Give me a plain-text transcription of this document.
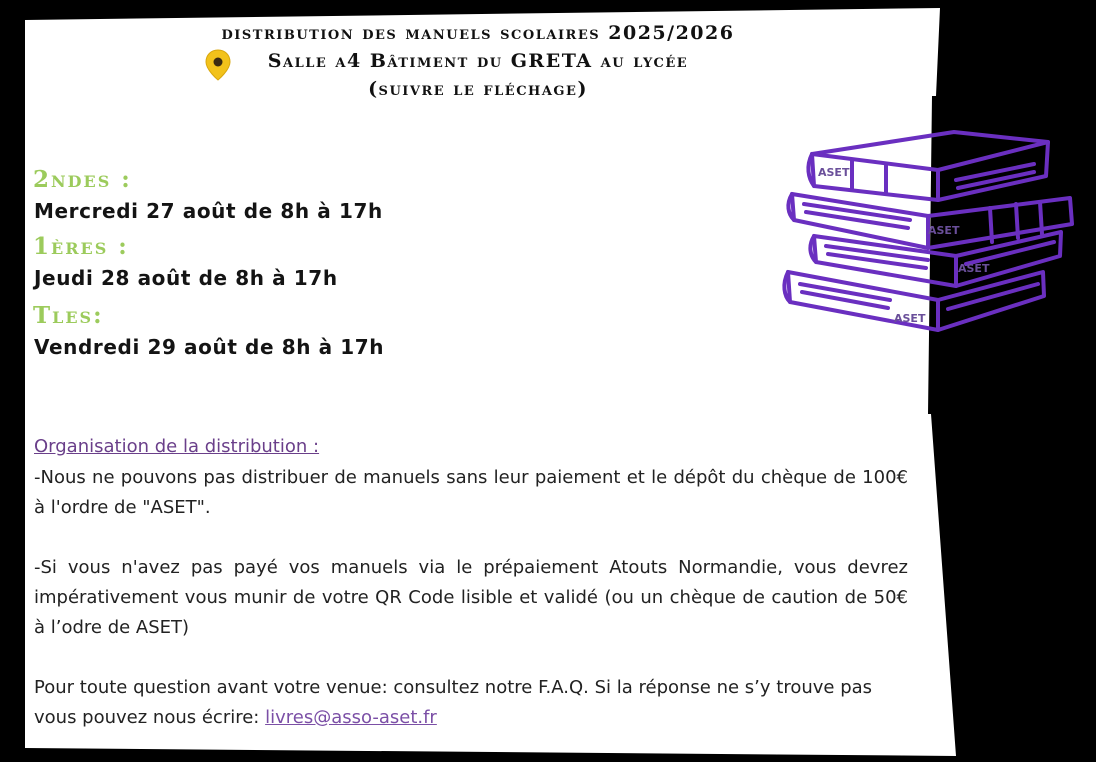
distribution des manuels scolaires 2025/2026
Salle a4 Bâtiment du GRETA au lycée
(suivre le fléchage)
2ndes :
Mercredi 27 août de 8h à 17h
1ères :
Jeudi 28 août de 8h à 17h
Tles:
Vendredi 29 août de 8h à 17h
ASET
ASET
ASET
ASET
Organisation de la distribution :
-Nous ne pouvons pas distribuer de manuels sans leur paiement et le dépôt du chèque de 100€ à l'ordre de "ASET".
-Si vous n'avez pas payé vos manuels via le prépaiement Atouts Normandie, vous devrez impérativement vous munir de votre QR Code lisible et validé (ou un chèque de caution de 50€ à l’odre de ASET)
Pour toute question avant votre venue: consultez notre F.A.Q. Si la réponse ne s’y trouve pas vous pouvez nous écrire: livres@asso-aset.fr
